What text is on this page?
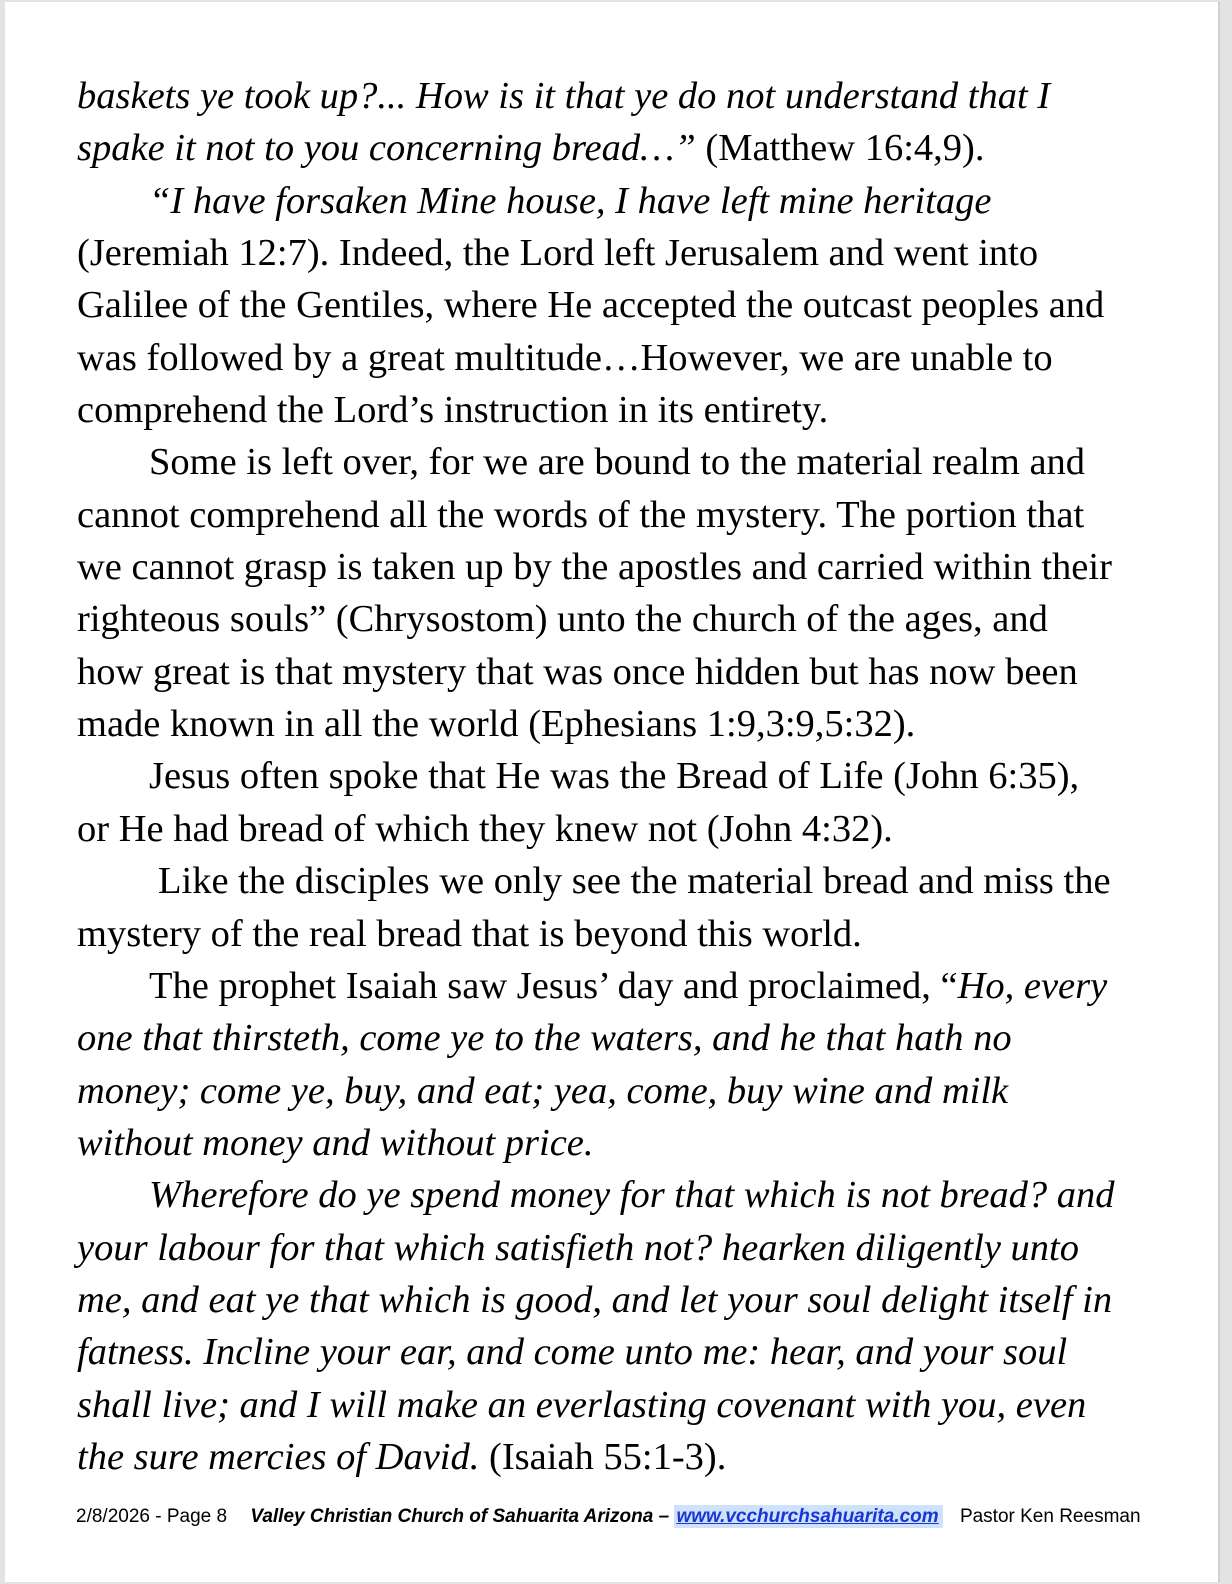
baskets ye took up?... How is it that ye do not understand that I
spake it not to you concerning bread…” (Matthew 16:4,9).
“I have forsaken Mine house, I have left mine heritage
(Jeremiah 12:7). Indeed, the Lord left Jerusalem and went into
Galilee of the Gentiles, where He accepted the outcast peoples and
was followed by a great multitude…However, we are unable to
comprehend the Lord’s instruction in its entirety.
Some is left over, for we are bound to the material realm and
cannot comprehend all the words of the mystery. The portion that
we cannot grasp is taken up by the apostles and carried within their
righteous souls” (Chrysostom) unto the church of the ages, and
how great is that mystery that was once hidden but has now been
made known in all the world (Ephesians 1:9,3:9,5:32).
Jesus often spoke that He was the Bread of Life (John 6:35),
or He had bread of which they knew not (John 4:32).
Like the disciples we only see the material bread and miss the
mystery of the real bread that is beyond this world.
The prophet Isaiah saw Jesus’ day and proclaimed, “Ho, every
one that thirsteth, come ye to the waters, and he that hath no
money; come ye, buy, and eat; yea, come, buy wine and milk
without money and without price.
Wherefore do ye spend money for that which is not bread? and
your labour for that which satisfieth not? hearken diligently unto
me, and eat ye that which is good, and let your soul delight itself in
fatness. Incline your ear, and come unto me: hear, and your soul
shall live; and I will make an everlasting covenant with you, even
the sure mercies of David. (Isaiah 55:1-3).
2/8/2026 - Page 8 Valley Christian Church of Sahuarita Arizona – www.vcchurchsahuarita.com Pastor Ken Reesman
